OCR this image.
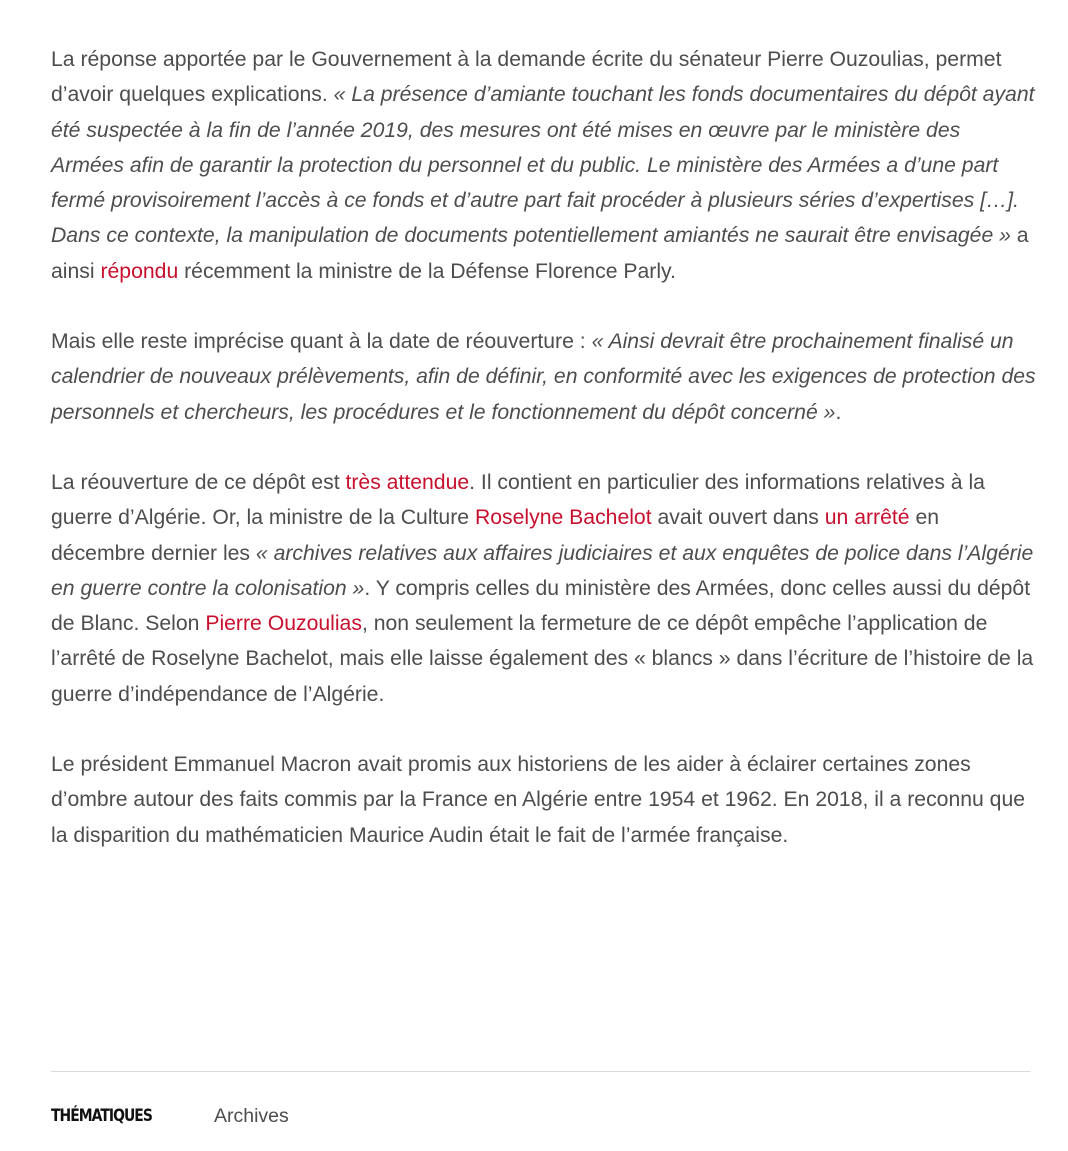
La réponse apportée par le Gouvernement à la demande écrite du sénateur Pierre Ouzoulias, permet d’avoir quelques explications. « La présence d’amiante touchant les fonds documentaires du dépôt ayant été suspectée à la fin de l’année 2019, des mesures ont été mises en œuvre par le ministère des Armées afin de garantir la protection du personnel et du public. Le ministère des Armées a d’une part fermé provisoirement l’accès à ce fonds et d’autre part fait procéder à plusieurs séries d’expertises […]. Dans ce contexte, la manipulation de documents potentiellement amiantés ne saurait être envisagée » a ainsi répondu récemment la ministre de la Défense Florence Parly.

Mais elle reste imprécise quant à la date de réouverture : « Ainsi devrait être prochainement finalisé un calendrier de nouveaux prélèvements, afin de définir, en conformité avec les exigences de protection des personnels et chercheurs, les procédures et le fonctionnement du dépôt concerné ».

La réouverture de ce dépôt est très attendue. Il contient en particulier des informations relatives à la guerre d’Algérie. Or, la ministre de la Culture Roselyne Bachelot avait ouvert dans un arrêté en décembre dernier les « archives relatives aux affaires judiciaires et aux enquêtes de police dans l’Algérie en guerre contre la colonisation ». Y compris celles du ministère des Armées, donc celles aussi du dépôt de Blanc. Selon Pierre Ouzoulias, non seulement la fermeture de ce dépôt empêche l’application de l’arrêté de Roselyne Bachelot, mais elle laisse également des « blancs » dans l’écriture de l’histoire de la guerre d’indépendance de l’Algérie.

Le président Emmanuel Macron avait promis aux historiens de les aider à éclairer certaines zones d’ombre autour des faits commis par la France en Algérie entre 1954 et 1962. En 2018, il a reconnu que la disparition du mathématicien Maurice Audin était le fait de l’armée française.

THÉMATIQUES	Archives
